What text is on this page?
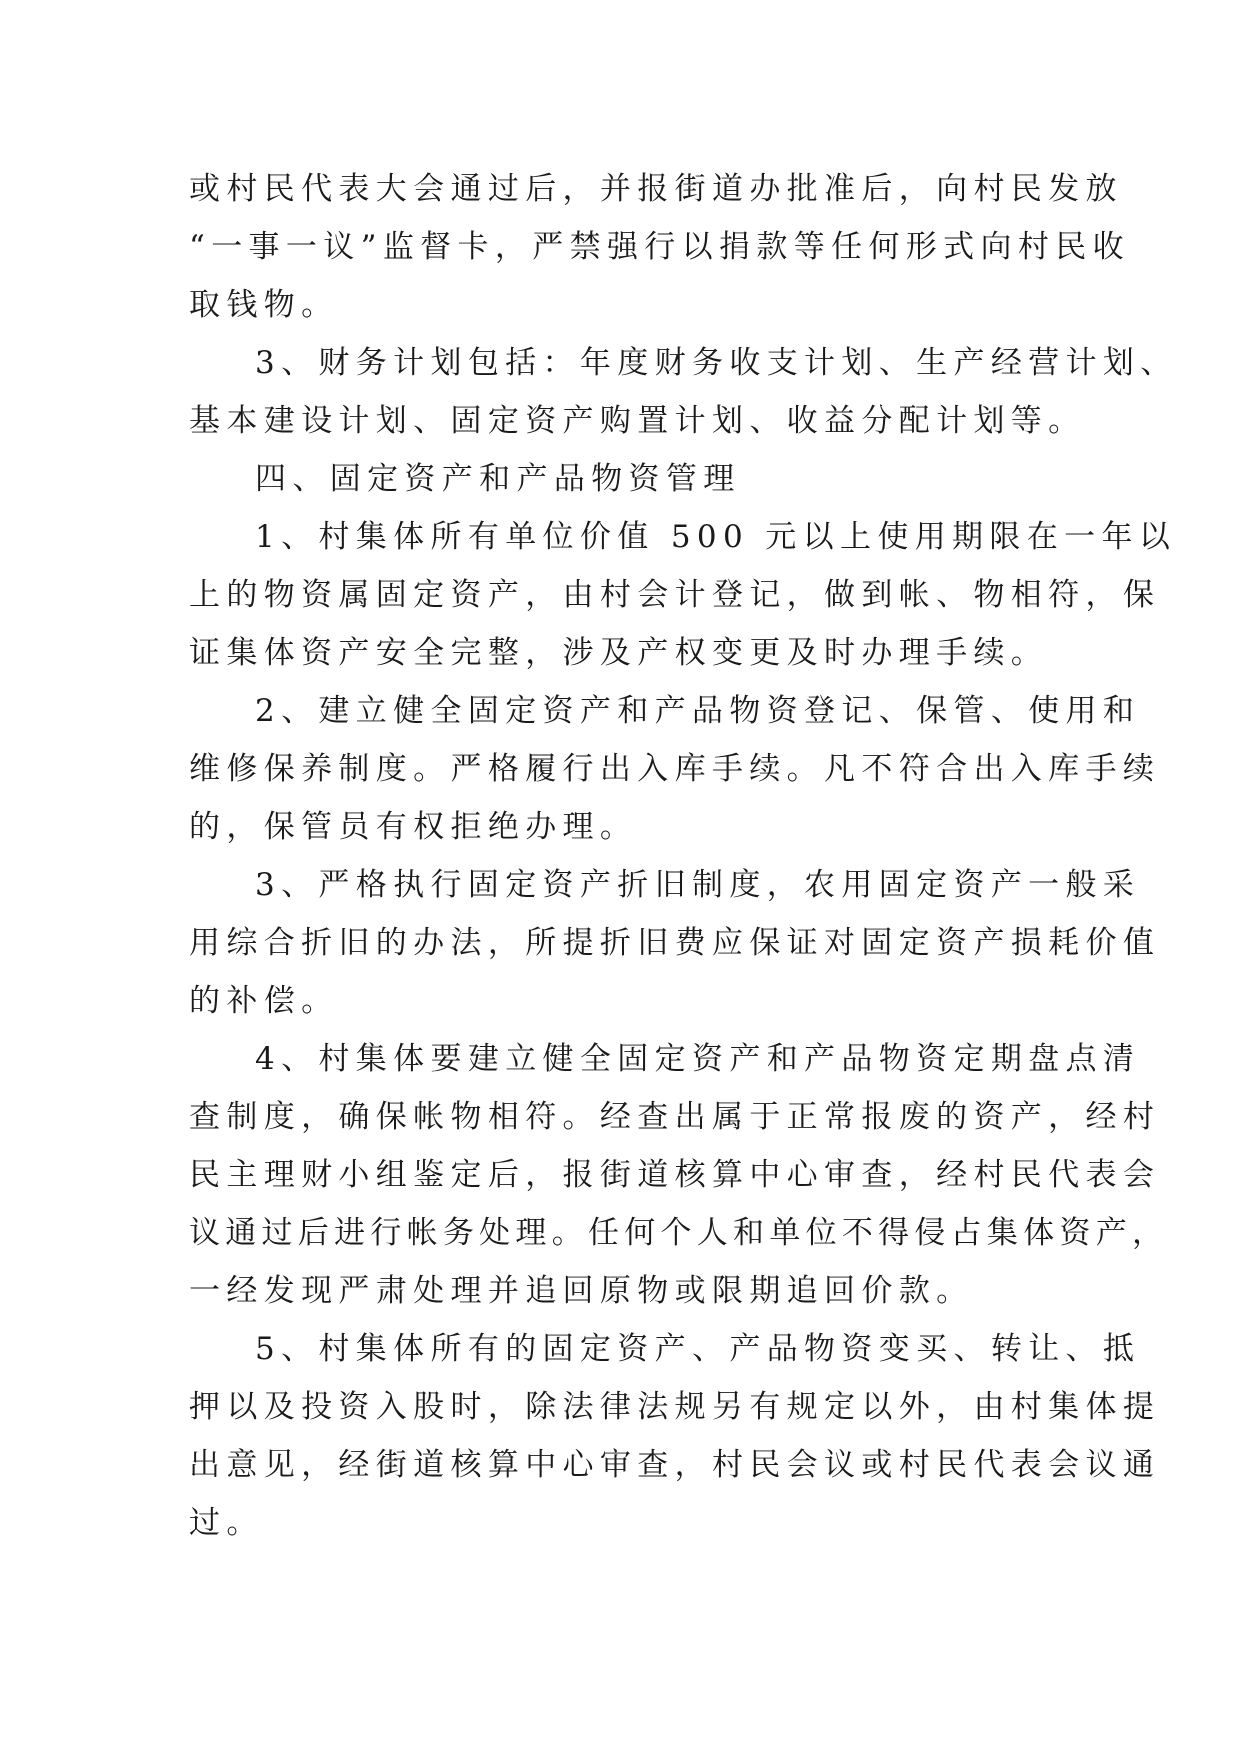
或村民代表大会通过后，并报街道办批准后，向村民发放
“一事一议”监督卡，严禁强行以捐款等任何形式向村民收
取钱物。
3、财务计划包括：年度财务收支计划、生产经营计划、
基本建设计划、固定资产购置计划、收益分配计划等。
四、固定资产和产品物资管理
1、村集体所有单位价值 500 元以上使用期限在一年以
上的物资属固定资产，由村会计登记，做到帐、物相符，保
证集体资产安全完整，涉及产权变更及时办理手续。
2、建立健全固定资产和产品物资登记、保管、使用和
维修保养制度。严格履行出入库手续。凡不符合出入库手续
的，保管员有权拒绝办理。
3、严格执行固定资产折旧制度，农用固定资产一般采
用综合折旧的办法，所提折旧费应保证对固定资产损耗价值
的补偿。
4、村集体要建立健全固定资产和产品物资定期盘点清
查制度，确保帐物相符。经查出属于正常报废的资产，经村
民主理财小组鉴定后，报街道核算中心审查，经村民代表会
议通过后进行帐务处理。任何个人和单位不得侵占集体资产，
一经发现严肃处理并追回原物或限期追回价款。
5、村集体所有的固定资产、产品物资变买、转让、抵
押以及投资入股时，除法律法规另有规定以外，由村集体提
出意见，经街道核算中心审查，村民会议或村民代表会议通
过。
